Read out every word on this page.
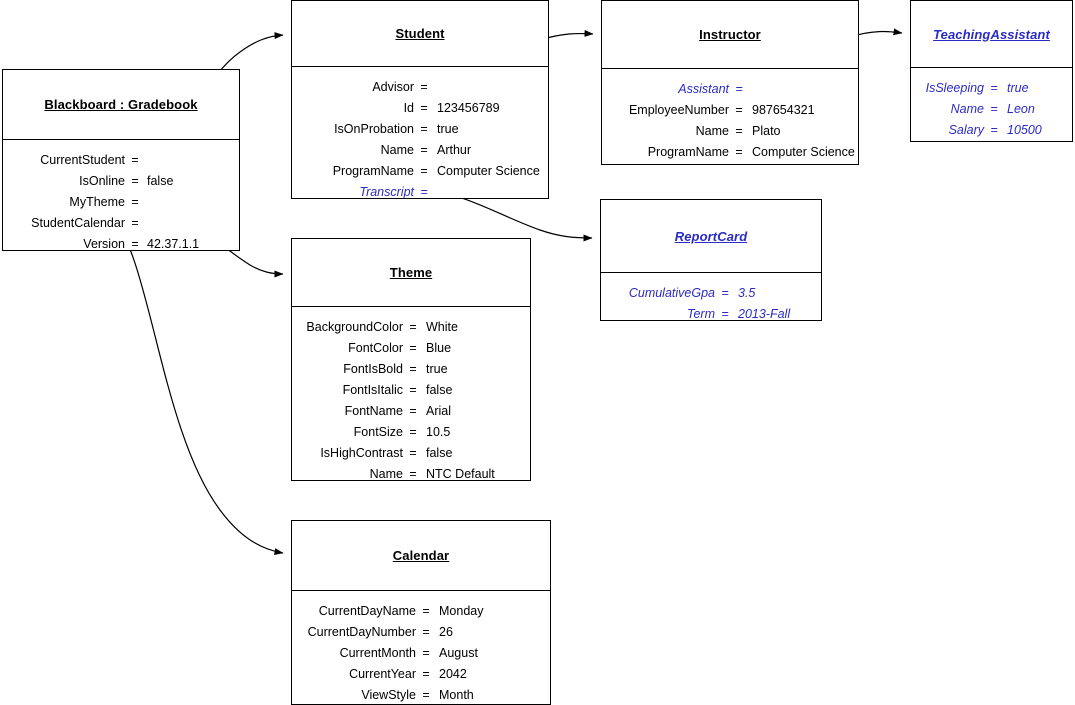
Blackboard : Gradebook
CurrentStudent =
IsOnline = false
MyTheme =
StudentCalendar =
Version = 42.37.1.1
Student
Advisor =
Id = 123456789
IsOnProbation = true
Name = Arthur
ProgramName = Computer Science
Transcript =
Instructor
Assistant =
EmployeeNumber = 987654321
Name = Plato
ProgramName = Computer Science
TeachingAssistant
IsSleeping = true
Name = Leon
Salary = 10500
Theme
BackgroundColor = White
FontColor = Blue
FontIsBold = true
FontIsItalic = false
FontName = Arial
FontSize = 10.5
IsHighContrast = false
Name = NTC Default
ReportCard
CumulativeGpa = 3.5
Term = 2013-Fall
Calendar
CurrentDayName = Monday
CurrentDayNumber = 26
CurrentMonth = August
CurrentYear = 2042
ViewStyle = Month
